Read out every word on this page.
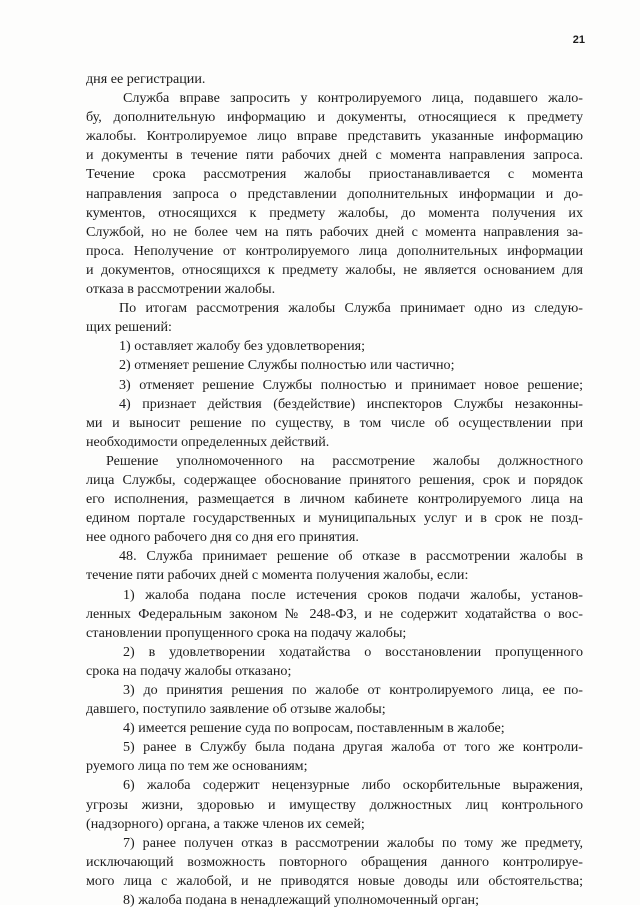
21
дня ее регистрации.
Служба вправе запросить у контролируемого лица, подавшего жало-
бу, дополнительную информацию и документы, относящиеся к предмету
жалобы. Контролируемое лицо вправе представить указанные информацию
и документы в течение пяти рабочих дней с момента направления запроса.
Течение срока рассмотрения жалобы приостанавливается с момента
направления запроса о представлении дополнительных информации и до-
кументов, относящихся к предмету жалобы, до момента получения их
Службой, но не более чем на пять рабочих дней с момента направления за-
проса. Неполучение от контролируемого лица дополнительных информации
и документов, относящихся к предмету жалобы, не является основанием для
отказа в рассмотрении жалобы.
По итогам рассмотрения жалобы Служба принимает одно из следую-
щих решений:
1) оставляет жалобу без удовлетворения;
2) отменяет решение Службы полностью или частично;
3) отменяет решение Службы полностью и принимает новое решение;
4) признает действия (бездействие) инспекторов Службы незаконны-
ми и выносит решение по существу, в том числе об осуществлении при
необходимости определенных действий.
Решение уполномоченного на рассмотрение жалобы должностного
лица Службы, содержащее обоснование принятого решения, срок и порядок
его исполнения, размещается в личном кабинете контролируемого лица на
едином портале государственных и муниципальных услуг и в срок не позд-
нее одного рабочего дня со дня его принятия.
48. Служба принимает решение об отказе в рассмотрении жалобы в
течение пяти рабочих дней с момента получения жалобы, если:
1) жалоба подана после истечения сроков подачи жалобы, установ-
ленных Федеральным законом № 248-ФЗ, и не содержит ходатайства о вос-
становлении пропущенного срока на подачу жалобы;
2) в удовлетворении ходатайства о восстановлении пропущенного
срока на подачу жалобы отказано;
3) до принятия решения по жалобе от контролируемого лица, ее по-
давшего, поступило заявление об отзыве жалобы;
4) имеется решение суда по вопросам, поставленным в жалобе;
5) ранее в Службу была подана другая жалоба от того же контроли-
руемого лица по тем же основаниям;
6) жалоба содержит нецензурные либо оскорбительные выражения,
угрозы жизни, здоровью и имуществу должностных лиц контрольного
(надзорного) органа, а также членов их семей;
7) ранее получен отказ в рассмотрении жалобы по тому же предмету,
исключающий возможность повторного обращения данного контролируе-
мого лица с жалобой, и не приводятся новые доводы или обстоятельства;
8) жалоба подана в ненадлежащий уполномоченный орган;
